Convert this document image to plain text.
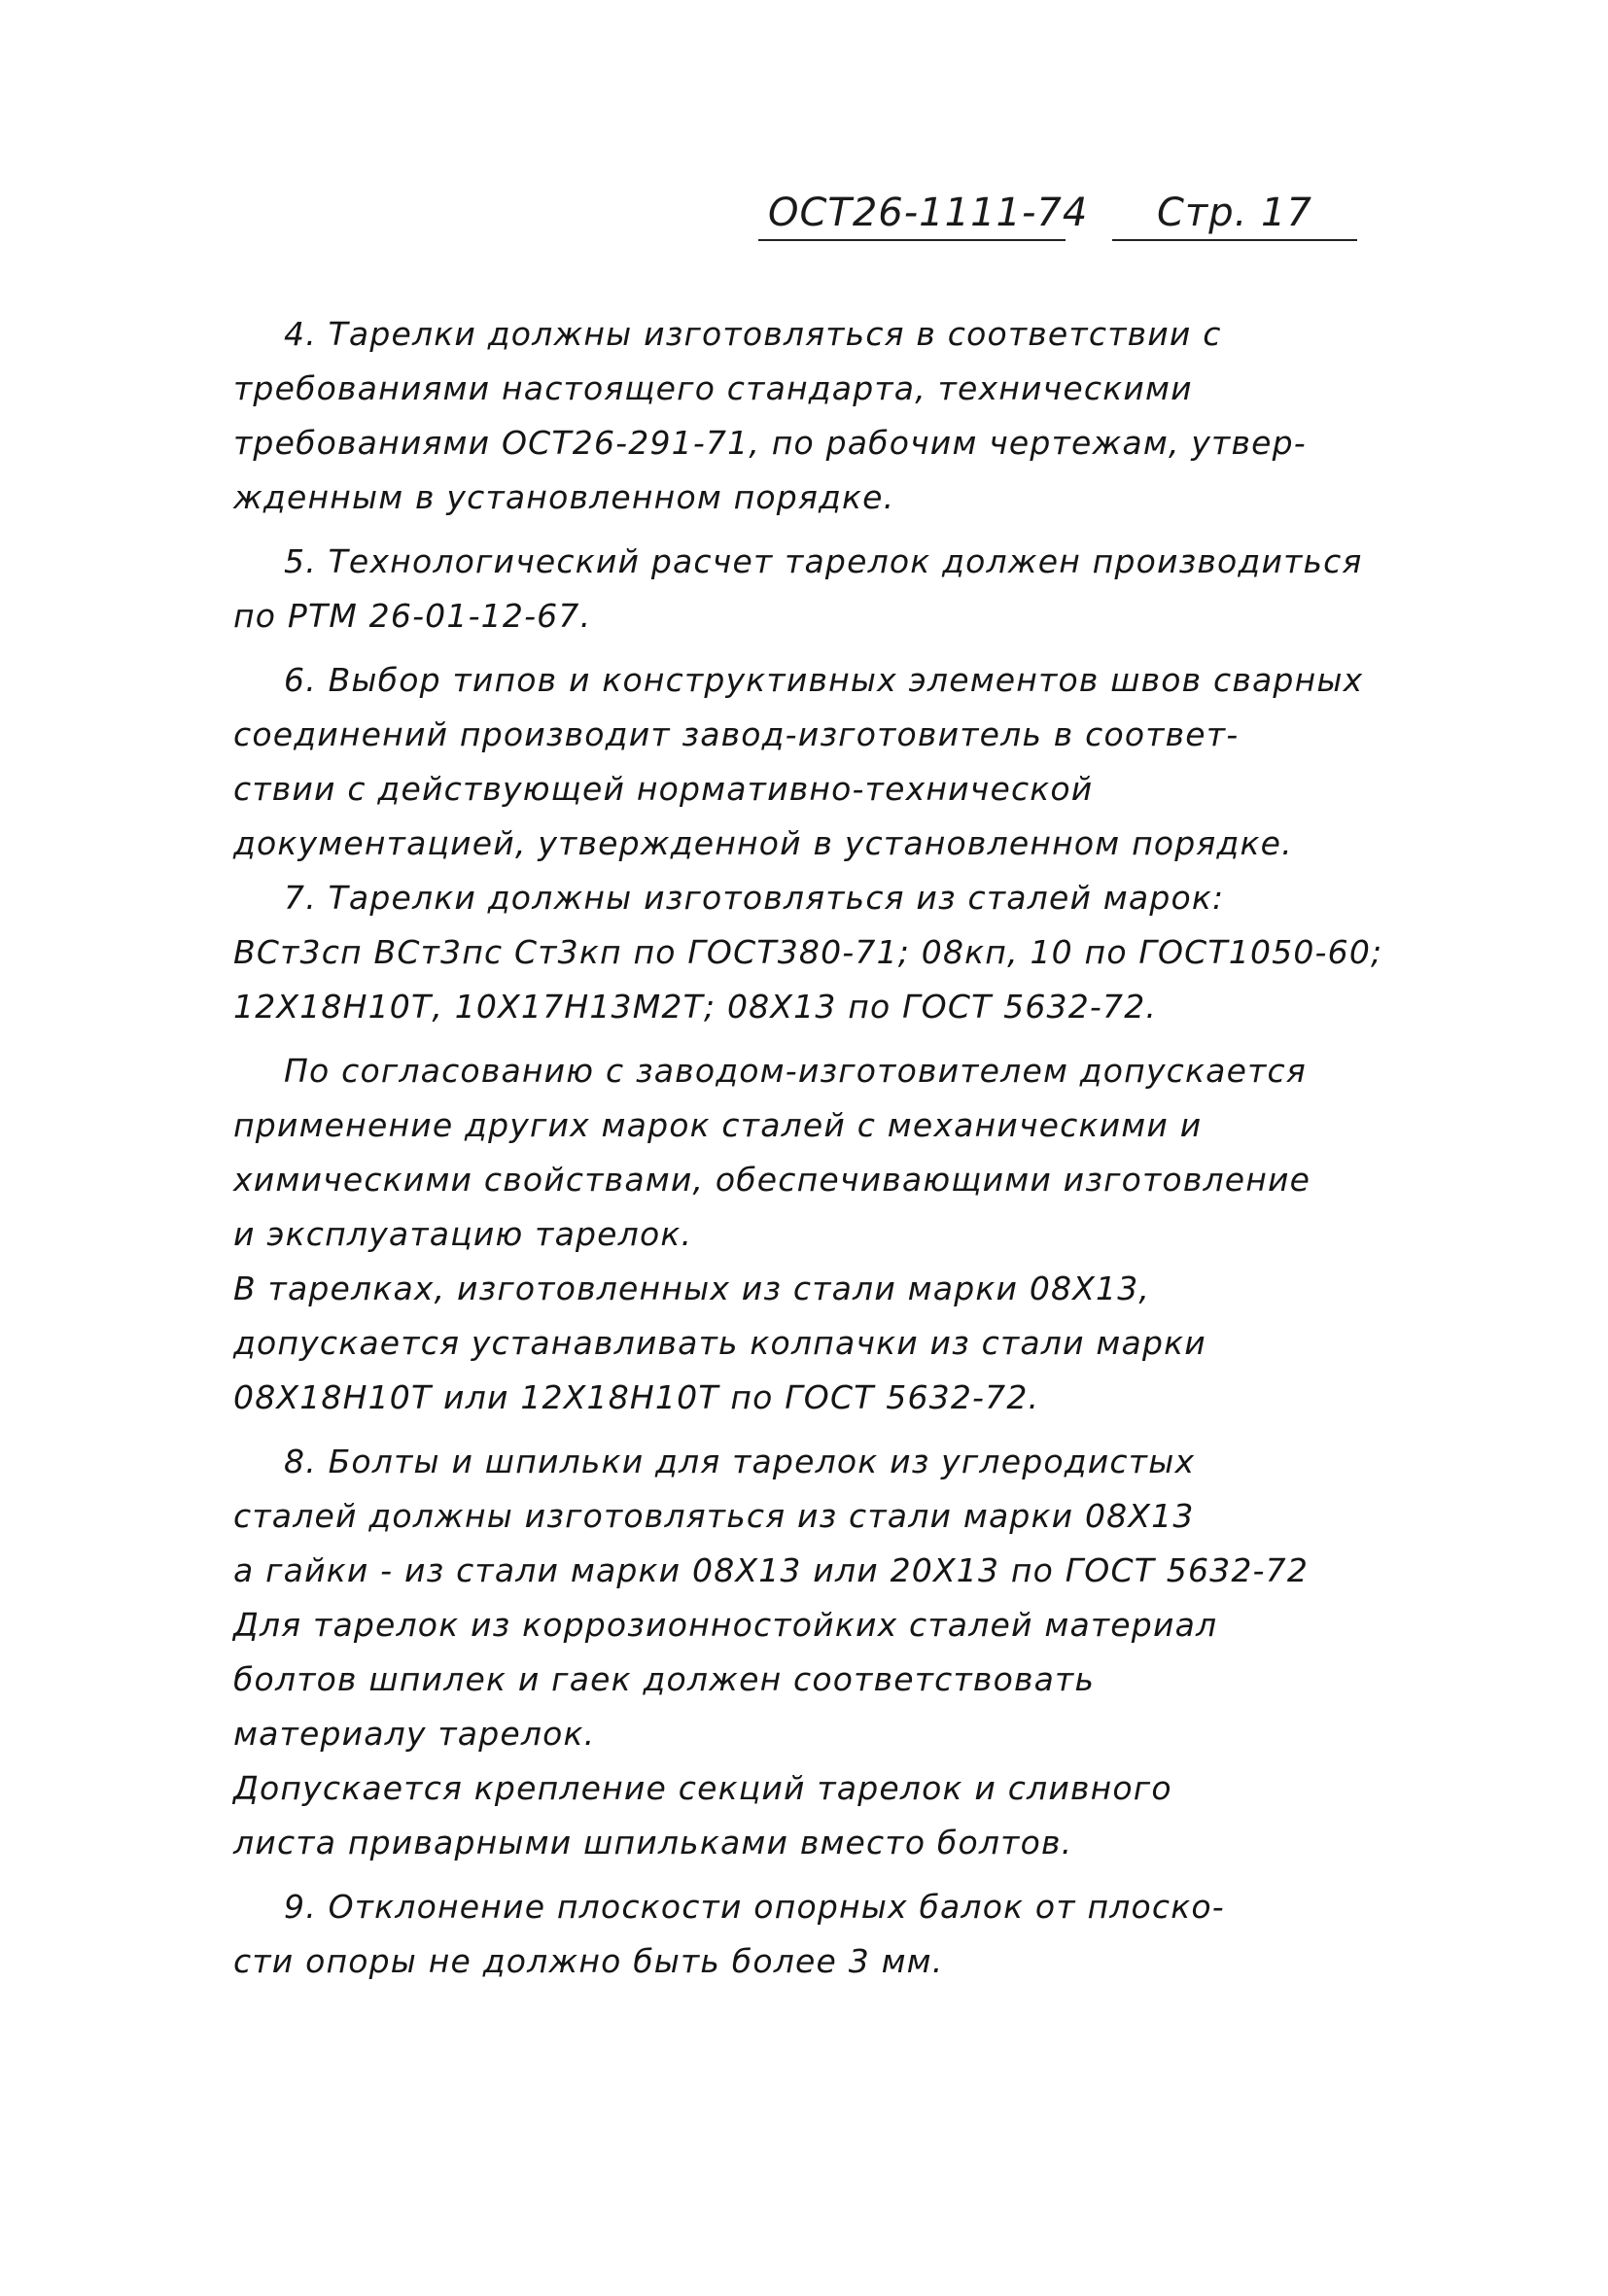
ОСТ26-1111-74 Стр. 17
4. Тарелки должны изготовляться в соответствии с
требованиями настоящего стандарта, техническими
требованиями ОСТ26-291-71, по рабочим чертежам, утвер-
жденным в установленном порядке.
5. Технологический расчет тарелок должен производиться
по РТМ 26-01-12-67.
6. Выбор типов и конструктивных элементов швов сварных
соединений производит завод-изготовитель в соответ-
ствии с действующей нормативно-технической
документацией, утвержденной в установленном порядке.
7. Тарелки должны изготовляться из сталей марок:
ВСт3сп ВСт3пс Ст3кп по ГОСТ380-71; 08кп, 10 по ГОСТ1050-60;
12Х18Н10Т, 10Х17Н13М2Т; 08Х13 по ГОСТ 5632-72.
По согласованию с заводом-изготовителем допускается
применение других марок сталей с механическими и
химическими свойствами, обеспечивающими изготовление
и эксплуатацию тарелок.
В тарелках, изготовленных из стали марки 08Х13,
допускается устанавливать колпачки из стали марки
08Х18Н10Т или 12Х18Н10Т по ГОСТ 5632-72.
8. Болты и шпильки для тарелок из углеродистых
сталей должны изготовляться из стали марки 08Х13
а гайки - из стали марки 08Х13 или 20Х13 по ГОСТ 5632-72
Для тарелок из коррозионностойких сталей материал
болтов шпилек и гаек должен соответствовать
материалу тарелок.
Допускается крепление секций тарелок и сливного
листа приварными шпильками вместо болтов.
9. Отклонение плоскости опорных балок от плоско-
сти опоры не должно быть более 3 мм.
